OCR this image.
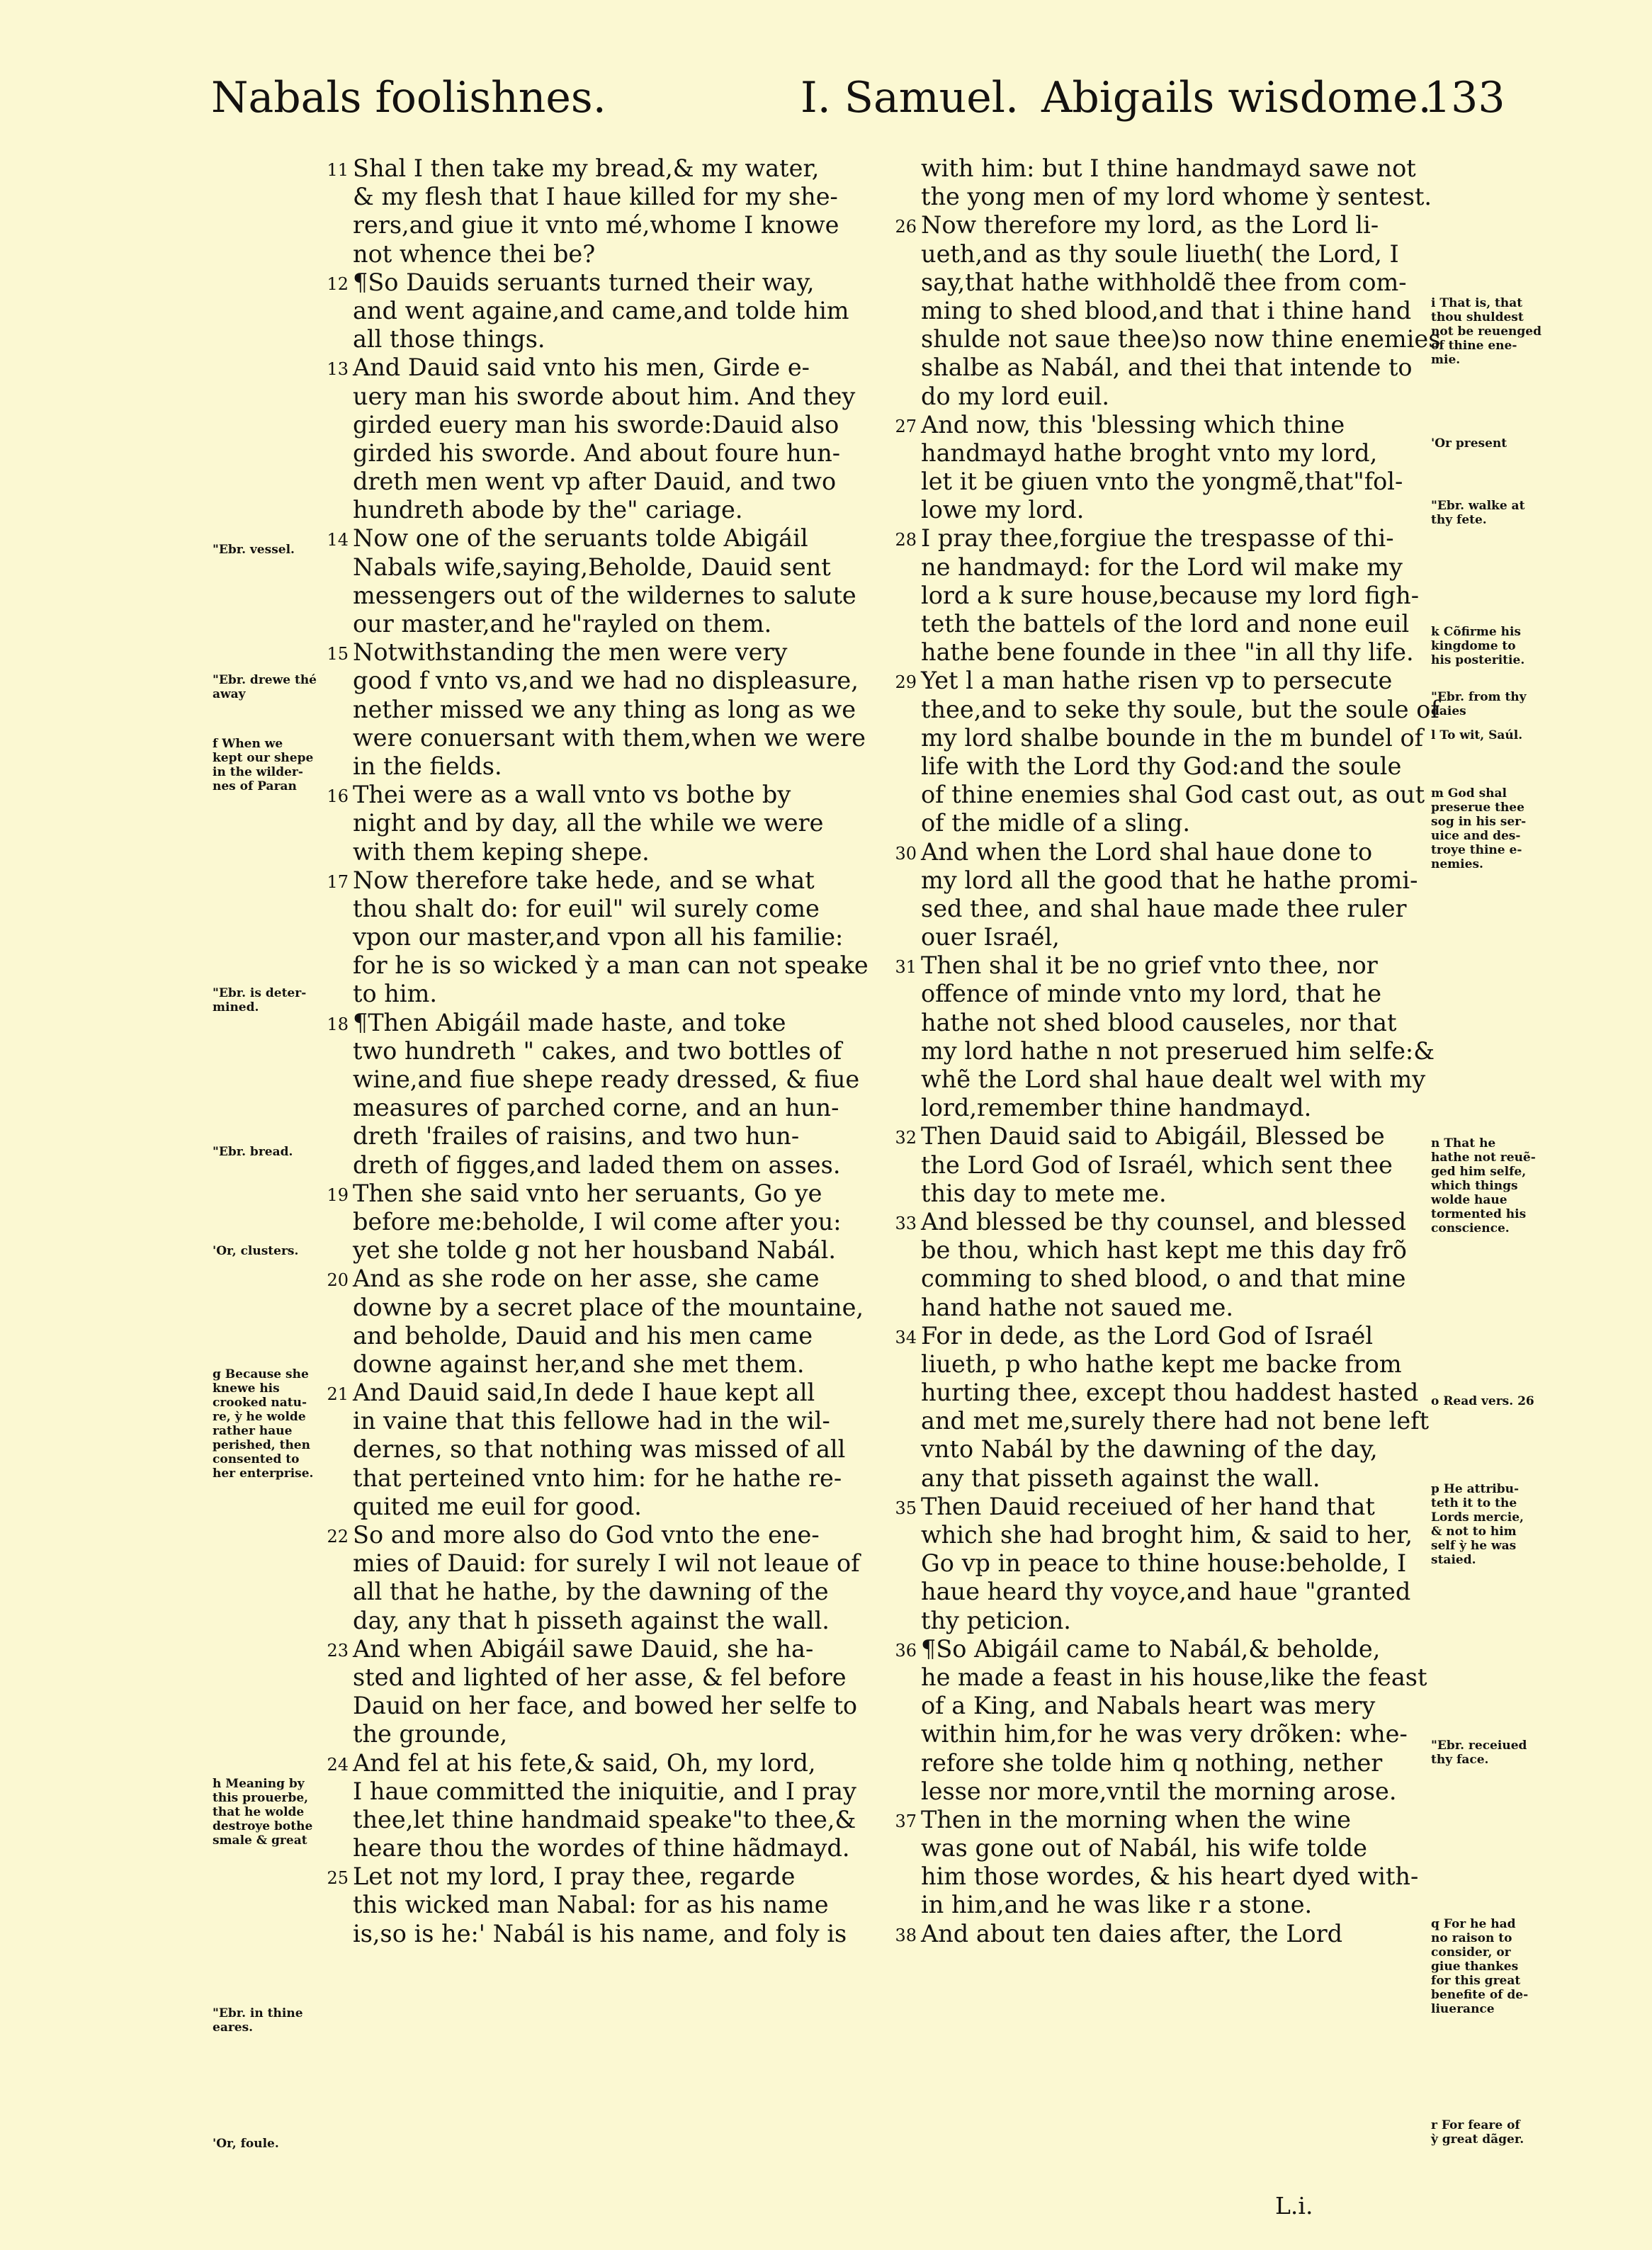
Nabals foolishnes.	I. Samuel. Abigails wisdome.
133
11 Shal I then take my bread,& my water,
& my flesh that I haue killed for my she-
rers,and giue it vnto mé,whome I knowe
not whence thei be?
12 ¶So Dauids seruants turned their way,
and went againe,and came,and tolde him
all those things.
13 And Dauid said vnto his men, Girde e-
uery man his sworde about him. And they
girded euery man his sworde:Dauid also
girded his sworde. And about foure hun-
dreth men went vp after Dauid, and two
hundreth abode by the" cariage.
14 Now one of the seruants tolde Abigáil
Nabals wife,saying,Beholde, Dauid sent
messengers out of the wildernes to salute
our master,and he"rayled on them.
15 Notwithstanding the men were very
good f vnto vs,and we had no displeasure,
nether missed we any thing as long as we
were conuersant with them,when we were
in the fields.
16 Thei were as a wall vnto vs bothe by
night and by day, all the while we were
with them keping shepe.
17 Now therefore take hede, and se what
thou shalt do: for euil" wil surely come
vpon our master,and vpon all his familie:
for he is so wicked ỳ a man can not speake
to him.
18 ¶Then Abigáil made haste, and toke
two hundreth " cakes, and two bottles of
wine,and fiue shepe ready dressed, & fiue
measures of parched corne, and an hun-
dreth 'frailes of raisins, and two hun-
dreth of figges,and laded them on asses.
19 Then she said vnto her seruants, Go ye
before me:beholde, I wil come after you:
yet she tolde g not her housband Nabál.
20 And as she rode on her asse, she came
downe by a secret place of the mountaine,
and beholde, Dauid and his men came
downe against her,and she met them.
21 And Dauid said,In dede I haue kept all
in vaine that this fellowe had in the wil-
dernes, so that nothing was missed of all
that perteined vnto him: for he hathe re-
quited me euil for good.
22 So and more also do God vnto the ene-
mies of Dauid: for surely I wil not leaue of
all that he hathe, by the dawning of the
day, any that h pisseth against the wall.
23 And when Abigáil sawe Dauid, she ha-
sted and lighted of her asse, & fel before
Dauid on her face, and bowed her selfe to
the grounde,
24 And fel at his fete,& said, Oh, my lord,
I haue committed the iniquitie, and I pray
thee,let thine handmaid speake"to thee,&
heare thou the wordes of thine hãdmayd.
25 Let not my lord, I pray thee, regarde
this wicked man Nabal: for as his name
is,so is he:' Nabál is his name, and foly is
with him: but I thine handmayd sawe not
the yong men of my lord whome ỳ sentest.
26 Now therefore my lord, as the Lord li-
ueth,and as thy soule liueth( the Lord, I
say,that hathe withholdẽ thee from com-
ming to shed blood,and that i thine hand
shulde not saue thee)so now thine enemies
shalbe as Nabál, and thei that intende to
do my lord euil.
27 And now, this 'blessing which thine
handmayd hathe broght vnto my lord,
let it be giuen vnto the yongmẽ,that"fol-
lowe my lord.
28 I pray thee,forgiue the trespasse of thi-
ne handmayd: for the Lord wil make my
lord a k sure house,because my lord figh-
teth the battels of the lord and none euil
hathe bene founde in thee "in all thy life.
29 Yet l a man hathe risen vp to persecute
thee,and to seke thy soule, but the soule of
my lord shalbe bounde in the m bundel of
life with the Lord thy God:and the soule
of thine enemies shal God cast out, as out
of the midle of a sling.
30 And when the Lord shal haue done to
my lord all the good that he hathe promi-
sed thee, and shal haue made thee ruler
ouer Israél,
31 Then shal it be no grief vnto thee, nor
offence of minde vnto my lord, that he
hathe not shed blood causeles, nor that
my lord hathe n not preserued him selfe:&
whẽ the Lord shal haue dealt wel with my
lord,remember thine handmayd.
32 Then Dauid said to Abigáil, Blessed be
the Lord God of Israél, which sent thee
this day to mete me.
33 And blessed be thy counsel, and blessed
be thou, which hast kept me this day frõ
comming to shed blood, o and that mine
hand hathe not saued me.
34 For in dede, as the Lord God of Israél
liueth, p who hathe kept me backe from
hurting thee, except thou haddest hasted
and met me,surely there had not bene left
vnto Nabál by the dawning of the day,
any that pisseth against the wall.
35 Then Dauid receiued of her hand that
which she had broght him, & said to her,
Go vp in peace to thine house:beholde, I
haue heard thy voyce,and haue "granted
thy peticion.
36 ¶So Abigáil came to Nabál,& beholde,
he made a feast in his house,like the feast
of a King, and Nabals heart was mery
within him,for he was very drõken: whe-
refore she tolde him q nothing, nether
lesse nor more,vntil the morning arose.
37 Then in the morning when the wine
was gone out of Nabál, his wife tolde
him those wordes, & his heart dyed with-
in him,and he was like r a stone.
38 And about ten daies after, the Lord
"Ebr. vessel.
"Ebr. drewe thé
away
f When we
kept our shepe
in the wilder-
nes of Paran
"Ebr. is deter-
mined.
"Ebr. bread.
'Or, clusters.
g Because she
knewe his
crooked natu-
re, ỳ he wolde
rather haue
perished, then
consented to
her enterprise.
h Meaning by
this prouerbe,
that he wolde
destroye bothe
smale & great
"Ebr. in thine
eares.
'Or, foule.
i That is, that
thou shuldest
not be reuenged
of thine ene-
mie.
'Or present
"Ebr. walke at
thy fete.
k Cõfirme his
kingdome to
his posteritie.
"Ebr. from thy
daies
l To wit, Saúl.
m God shal
preserue thee
sog in his ser-
uice and des-
troye thine e-
nemies.
n That he
hathe not reuẽ-
ged him selfe,
which things
wolde haue
tormented his
conscience.
o Read vers. 26
p He attribu-
teth it to the
Lords mercie,
& not to him
self ỳ he was
staied.
"Ebr. receiued
thy face.
q For he had
no raison to
consider, or
giue thankes
for this great
benefite of de-
liuerance
r For feare of
ỳ great dãger.
L.i.
